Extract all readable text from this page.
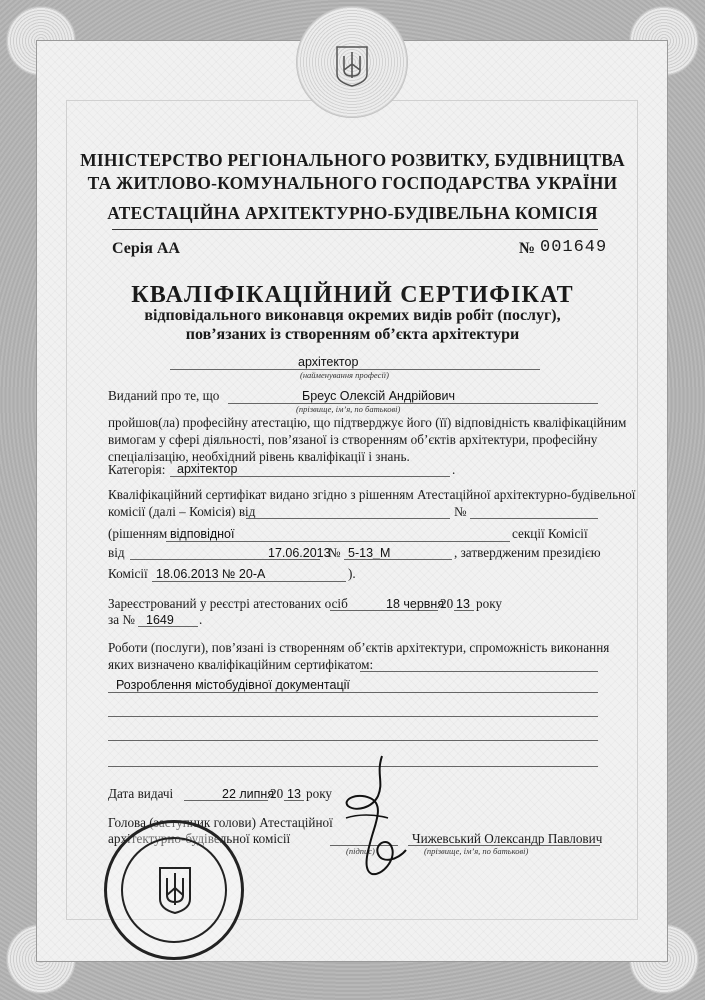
МІНІСТЕРСТВО РЕГІОНАЛЬНОГО РОЗВИТКУ, БУДІВНИЦТВА
ТА ЖИТЛОВО-КОМУНАЛЬНОГО ГОСПОДАРСТВА УКРАЇНИ
АТЕСТАЦІЙНА АРХІТЕКТУРНО-БУДІВЕЛЬНА КОМІСІЯ
Серія АА	№ 001649
КВАЛІФІКАЦІЙНИЙ СЕРТИФІКАТ
відповідального виконавця окремих видів робіт (послуг),
пов’язаних із створенням об’єкта архітектури
архітектор
(найменування професії)
Виданий про те, що	Бреус Олексій Андрійович
(прізвище, ім’я, по батькові)
пройшов(ла) професійну атестацію, що підтверджує його (її) відповідність кваліфікаційним
вимогам у сфері діяльності, пов’язаної із створенням об’єктів архітектури, професійну
спеціалізацію, необхідний рівень кваліфікації і знань.
Категорія: архітектор	.
Кваліфікаційний сертифікат видано згідно з рішенням Атестаційної архітектурно-будівельної
комісії (далі – Комісія) від	№
(рішенням відповідної	секції Комісії
від	17.06.2013
№ 5-13_М	, затвердженим президією
Комісії 18.06.2013 № 20-А	).
Зареєстрований у реєстрі атестованих осіб	18 червня
20 13 року
за № 1649 .
Роботи (послуги), пов’язані із створенням об’єктів архітектури, спроможність виконання
яких визначено кваліфікаційним сертифікатом:
Розроблення містобудівної документації
Дата видачі	22 липня
20 13 року
Голова (заступник голови) Атестаційної
архітектурно-будівельної комісії
(підпис)
Чижевський Олександр Павлович
(прізвище, ім’я, по батькові)
